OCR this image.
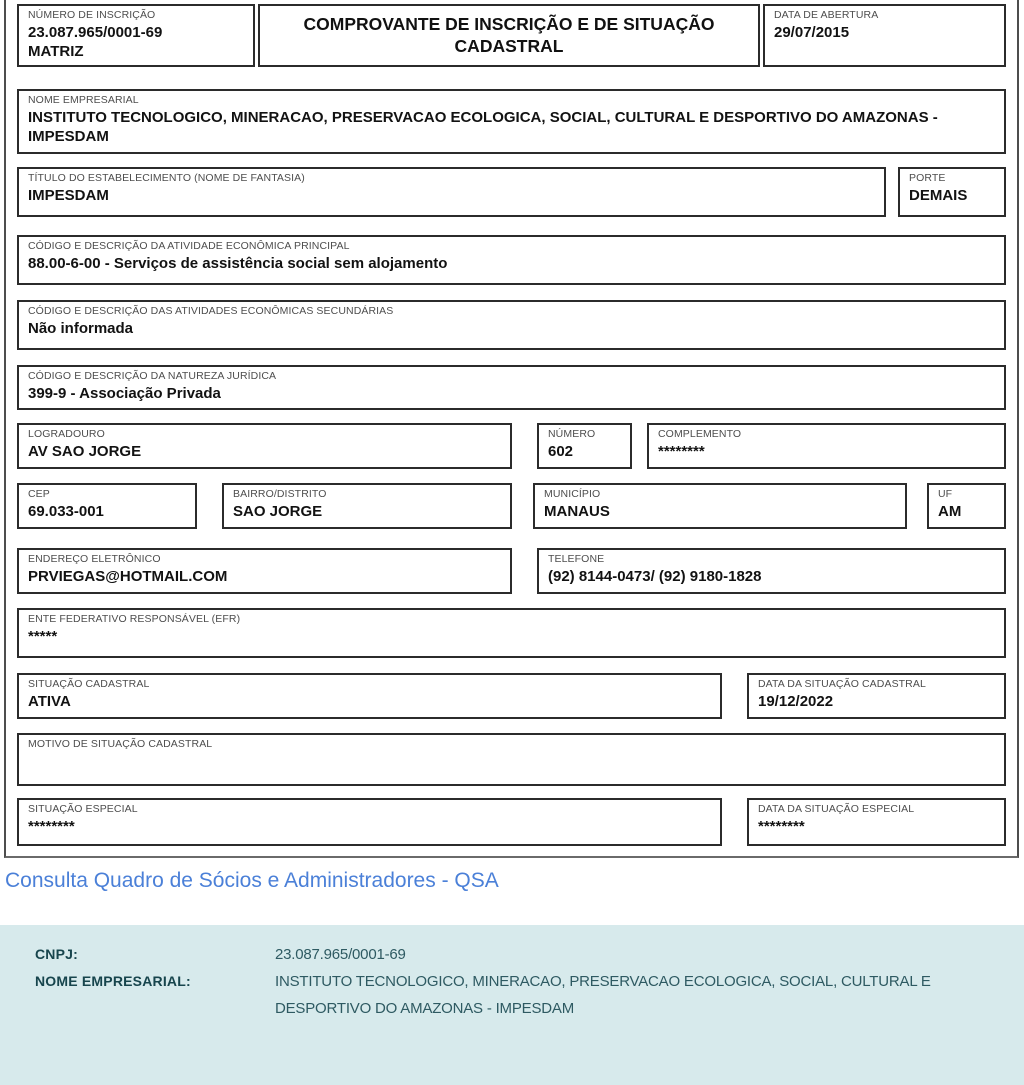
NÚMERO DE INSCRIÇÃO
23.087.965/0001-69
MATRIZ
COMPROVANTE DE INSCRIÇÃO E DE SITUAÇÃO CADASTRAL
DATA DE ABERTURA
29/07/2015
NOME EMPRESARIAL
INSTITUTO TECNOLOGICO, MINERACAO, PRESERVACAO ECOLOGICA, SOCIAL, CULTURAL E DESPORTIVO DO AMAZONAS - IMPESDAM
TÍTULO DO ESTABELECIMENTO (NOME DE FANTASIA)
IMPESDAM
PORTE
DEMAIS
CÓDIGO E DESCRIÇÃO DA ATIVIDADE ECONÔMICA PRINCIPAL
88.00-6-00 - Serviços de assistência social sem alojamento
CÓDIGO E DESCRIÇÃO DAS ATIVIDADES ECONÔMICAS SECUNDÁRIAS
Não informada
CÓDIGO E DESCRIÇÃO DA NATUREZA JURÍDICA
399-9 - Associação Privada
LOGRADOURO
AV SAO JORGE
NÚMERO
602
COMPLEMENTO
********
CEP
69.033-001
BAIRRO/DISTRITO
SAO JORGE
MUNICÍPIO
MANAUS
UF
AM
ENDEREÇO ELETRÔNICO
PRVIEGAS@HOTMAIL.COM
TELEFONE
(92) 8144-0473/ (92) 9180-1828
ENTE FEDERATIVO RESPONSÁVEL (EFR)
*****
SITUAÇÃO CADASTRAL
ATIVA
DATA DA SITUAÇÃO CADASTRAL
19/12/2022
MOTIVO DE SITUAÇÃO CADASTRAL
SITUAÇÃO ESPECIAL
********
DATA DA SITUAÇÃO ESPECIAL
********
Consulta Quadro de Sócios e Administradores - QSA
CNPJ:	23.087.965/0001-69
NOME EMPRESARIAL:	INSTITUTO TECNOLOGICO, MINERACAO, PRESERVACAO ECOLOGICA, SOCIAL, CULTURAL E DESPORTIVO DO AMAZONAS - IMPESDAM
